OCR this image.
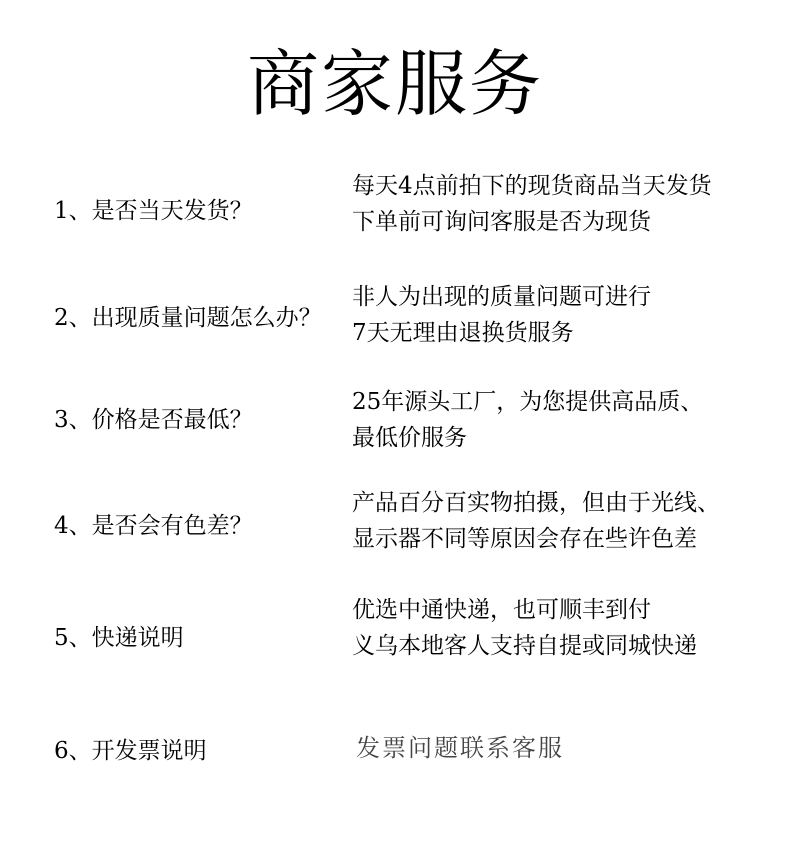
商家服务
1、是否当天发货？
每天4点前拍下的现货商品当天发货
下单前可询问客服是否为现货
2、出现质量问题怎么办？
非人为出现的质量问题可进行
7天无理由退换货服务
3、价格是否最低？
25年源头工厂，为您提供高品质、
最低价服务
4、是否会有色差？
产品百分百实物拍摄，但由于光线、
显示器不同等原因会存在些许色差
5、快递说明
优选中通快递，也可顺丰到付
义乌本地客人支持自提或同城快递
6、开发票说明	发票问题联系客服
